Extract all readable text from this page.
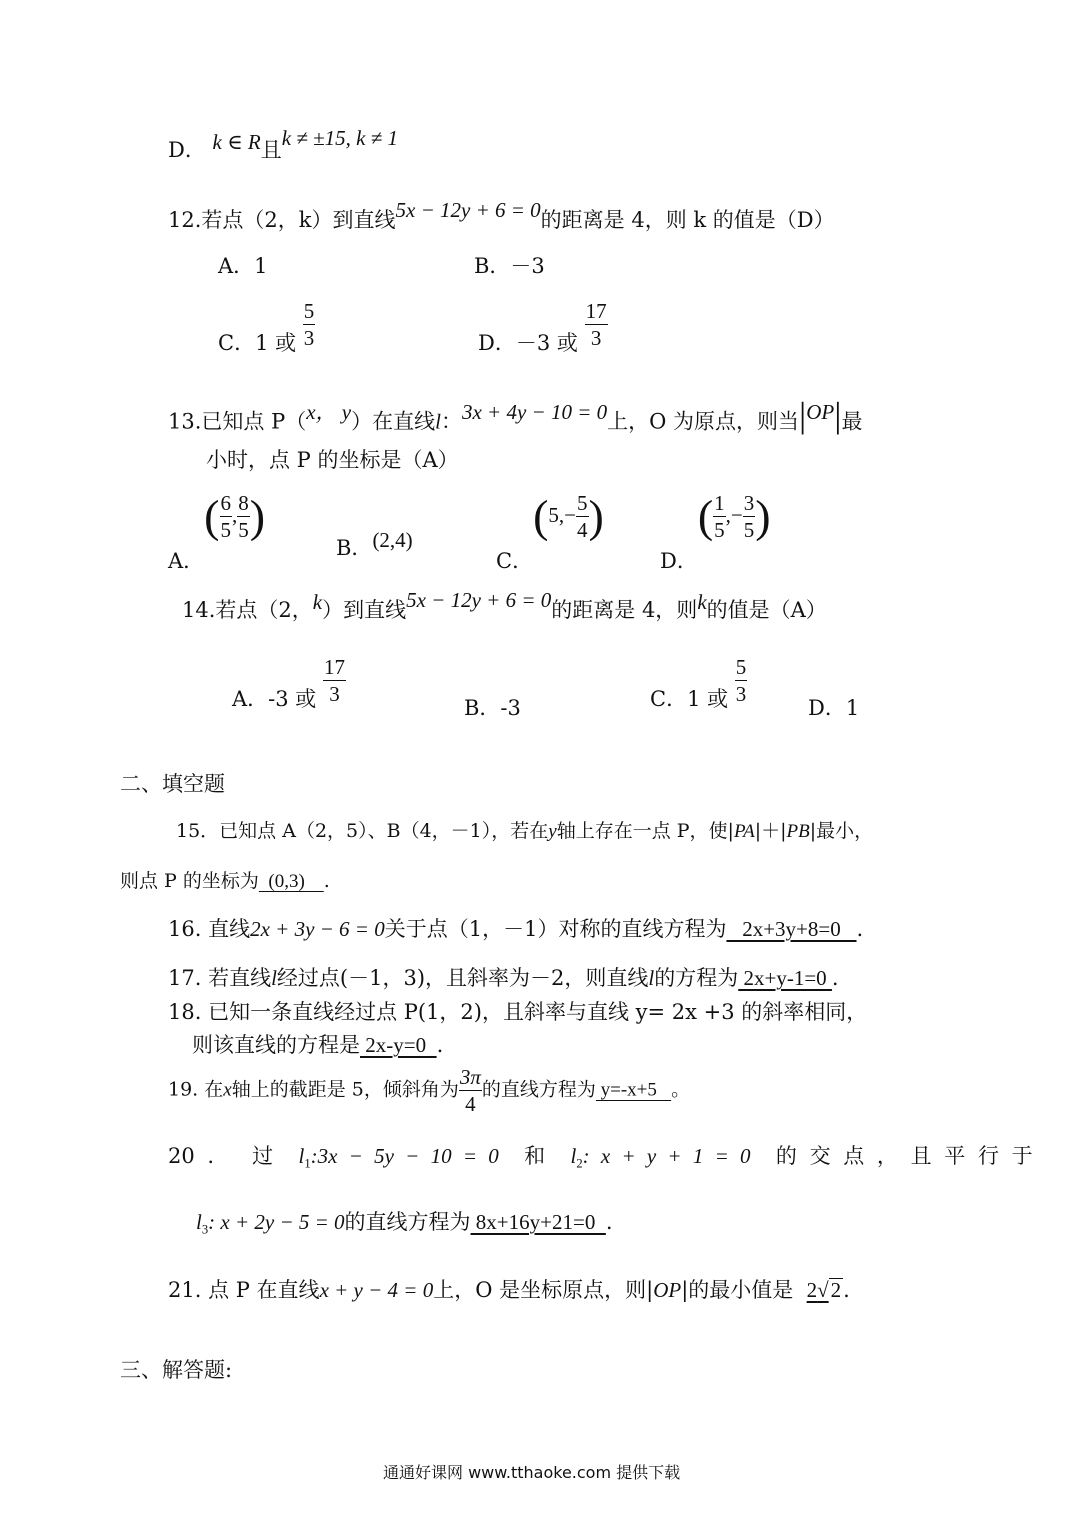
D． k ∈ R且k ≠ ±15, k ≠ 1
12.若点（2，k）到直线5x − 12y + 6 = 0的距离是 4，则 k 的值是（D）
A．1	B．－3
C．1 或 $\frac{5}{3}$	D．－3 或 $\frac{17}{3}$
13.已知点 P（x， y）在直线l：3x + 4y − 10 = 0上，O 为原点，则当|OP|最
小时，点 P 的坐标是（A）
A．( $\frac{6}{5}$ , $\frac{8}{5}$ )
B．(2,4)
C．($5,- \frac{5}{4}$ )
D．( $\frac{1}{5}$ ,− $\frac{3}{5}$ )
14.若点（2，k）到直线5x − 12y + 6 = 0的距离是 4，则k的值是（A）
A．-3 或 $\frac{17}{3}$
B．-3	C．1 或 $\frac{5}{3}$
D．1
二、填空题
15．已知点 A（2，5）、B（4，－1），若在y轴上存在一点 P，使|PA|＋|PB|最小，
则点 P 的坐标为  (0,3)    .
16. 直线2x + 3y − 6 = 0关于点（1，－1）对称的直线方程为   2x+3y+8=0   .
17. 若直线l经过点(－1，3)，且斜率为－2，则直线l的方程为 2x+y-1=0 .
18. 已知一条直线经过点 P(1，2)，且斜率与直线 y= 2x +3 的斜率相同，
则该直线的方程是 2x-y=0  .
19. 在x轴上的截距是 5，倾斜角为 $\frac{3\pi}{4}$ 的直线方程为 y=-x+5   。
20 . 过 $l_1:3x - 5y - 10 = 0$ 和 $l_2$: x + y + 1 = 0 的 交 点 ， 且 平 行 于
$l_3$: x + 2y − 5 = 0的直线方程为 8x+16y+21=0  .
21. 点 P 在直线x + y − 4 = 0上，O 是坐标原点，则|OP|的最小值是 2√2.
三、解答题:
通通好课网 www.tthaoke.com 提供下载
